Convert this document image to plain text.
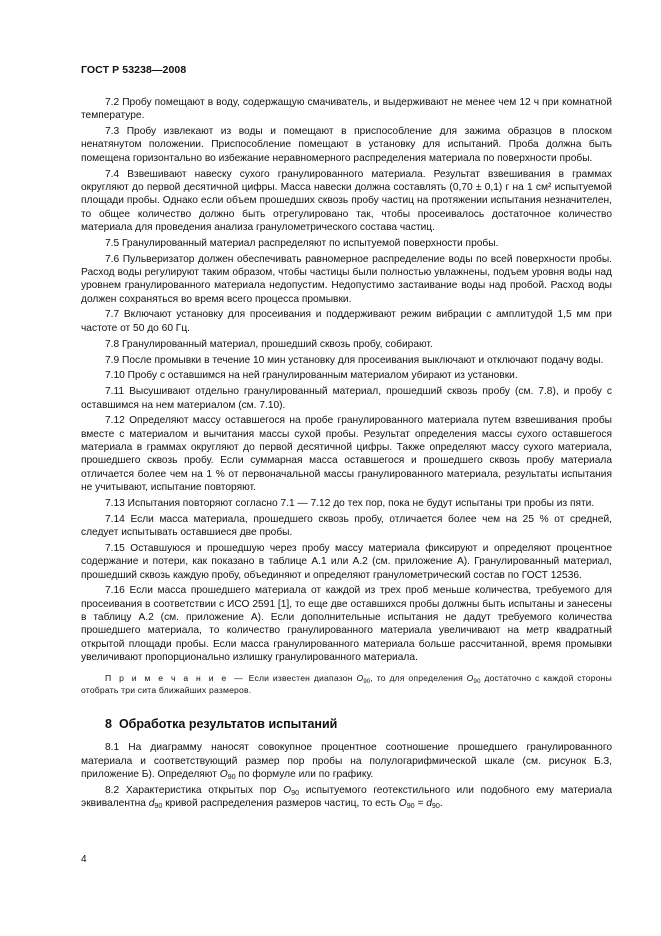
ГОСТ Р 53238—2008

7.2 Пробу помещают в воду, содержащую смачиватель, и выдерживают не менее чем 12 ч при комнатной температуре.

7.3 Пробу извлекают из воды и помещают в приспособление для зажима образцов в плоском ненатянутом положении. Приспособление помещают в установку для испытаний. Проба должна быть помещена горизонтально во избежание неравномерного распределения материала по поверхности пробы.

7.4 Взвешивают навеску сухого гранулированного материала. Результат взвешивания в граммах округляют до первой десятичной цифры. Масса навески должна составлять (0,70 ± 0,1) г на 1 см² испытуемой площади пробы. Однако если объем прошедших сквозь пробу частиц на протяжении испытания незначителен, то общее количество должно быть отрегулировано так, чтобы просеивалось достаточное количество материала для проведения анализа гранулометрического состава частиц.

7.5 Гранулированный материал распределяют по испытуемой поверхности пробы.

7.6 Пульверизатор должен обеспечивать равномерное распределение воды по всей поверхности пробы. Расход воды регулируют таким образом, чтобы частицы были полностью увлажнены, подъем уровня воды над уровнем гранулированного материала недопустим. Недопустимо застаивание воды над пробой. Расход воды должен сохраняться во время всего процесса промывки.

7.7 Включают установку для просеивания и поддерживают режим вибрации с амплитудой 1,5 мм при частоте от 50 до 60 Гц.

7.8 Гранулированный материал, прошедший сквозь пробу, собирают.

7.9 После промывки в течение 10 мин установку для просеивания выключают и отключают подачу воды.

7.10 Пробу с оставшимся на ней гранулированным материалом убирают из установки.

7.11 Высушивают отдельно гранулированный материал, прошедший сквозь пробу (см. 7.8), и пробу с оставшимся на нем материалом (см. 7.10).

7.12 Определяют массу оставшегося на пробе гранулированного материала путем взвешивания пробы вместе с материалом и вычитания массы сухой пробы. Результат определения массы сухого оставшегося материала в граммах округляют до первой десятичной цифры. Также определяют массу сухого материала, прошедшего сквозь пробу. Если суммарная масса оставшегося и прошедшего сквозь пробу материала отличается более чем на 1 % от первоначальной массы гранулированного материала, результаты испытания не учитывают, испытание повторяют.

7.13 Испытания повторяют согласно 7.1 — 7.12 до тех пор, пока не будут испытаны три пробы из пяти.

7.14 Если масса материала, прошедшего сквозь пробу, отличается более чем на 25 % от средней, следует испытывать оставшиеся две пробы.

7.15 Оставшуюся и прошедшую через пробу массу материала фиксируют и определяют процентное содержание и потери, как показано в таблице А.1 или А.2 (см. приложение А). Гранулированный материал, прошедший сквозь каждую пробу, объединяют и определяют гранулометрический состав по ГОСТ 12536.

7.16 Если масса прошедшего материала от каждой из трех проб меньше количества, требуемого для просеивания в соответствии с ИСО 2591 [1], то еще две оставшихся пробы должны быть испытаны и занесены в таблицу А.2 (см. приложение А). Если дополнительные испытания не дадут требуемого количества прошедшего материала, то количество гранулированного материала увеличивают на метр квадратный открытой площади пробы. Если масса гранулированного материала больше рассчитанной, время промывки увеличивают пропорционально излишку гранулированного материала.

П р и м е ч а н и е — Если известен диапазон $O_{90}$, то для определения $O_{90}$ достаточно с каждой стороны отобрать три сита ближайших размеров.

8 Обработка результатов испытаний

8.1 На диаграмму наносят совокупное процентное соотношение прошедшего гранулированного материала и соответствующий размер пор пробы на полулогарифмической шкале (см. рисунок Б.3, приложение Б). Определяют $O_{90}$ по формуле или по графику.

8.2 Характеристика открытых пор $O_{90}$ испытуемого геотекстильного или подобного ему материала эквивалентна $d_{90}$ кривой распределения размеров частиц, то есть $O_{90} = d_{90}$.

4
